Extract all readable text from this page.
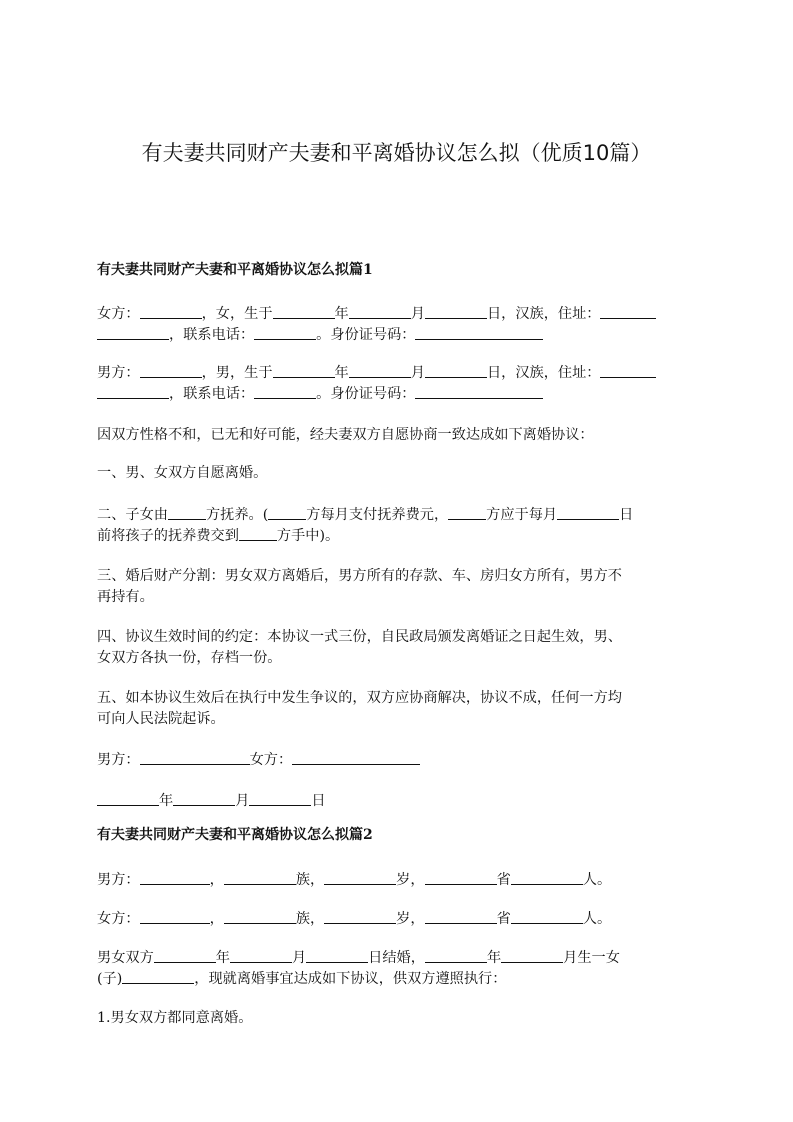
有夫妻共同财产夫妻和平离婚协议怎么拟（优质10篇）
有夫妻共同财产夫妻和平离婚协议怎么拟篇1
女方：	，女，生于	年	月	日，汉族，住址：
，联系电话：	。身份证号码：
男方：	，男，生于	年	月	日，汉族，住址：
，联系电话：	。身份证号码：
因双方性格不和，已无和好可能，经夫妻双方自愿协商一致达成如下离婚协议：
一、男、女双方自愿离婚。
二、子女由	方抚养。(	方每月支付抚养费元，	方应于每月	日
前将孩子的抚养费交到	方手中)。
三、婚后财产分割：男女双方离婚后，男方所有的存款、车、房归女方所有，男方不
再持有。
四、协议生效时间的约定：本协议一式三份，自民政局颁发离婚证之日起生效，男、
女双方各执一份，存档一份。
五、如本协议生效后在执行中发生争议的，双方应协商解决，协议不成，任何一方均
可向人民法院起诉。
男方：	女方：
年	月	日
有夫妻共同财产夫妻和平离婚协议怎么拟篇2
男方：	，	族，	岁，	省	人。
女方：	，	族，	岁，	省	人。
男女双方	年	月	日结婚，	年	月生一女
(子)	，现就离婚事宜达成如下协议，供双方遵照执行：
1.男女双方都同意离婚。
